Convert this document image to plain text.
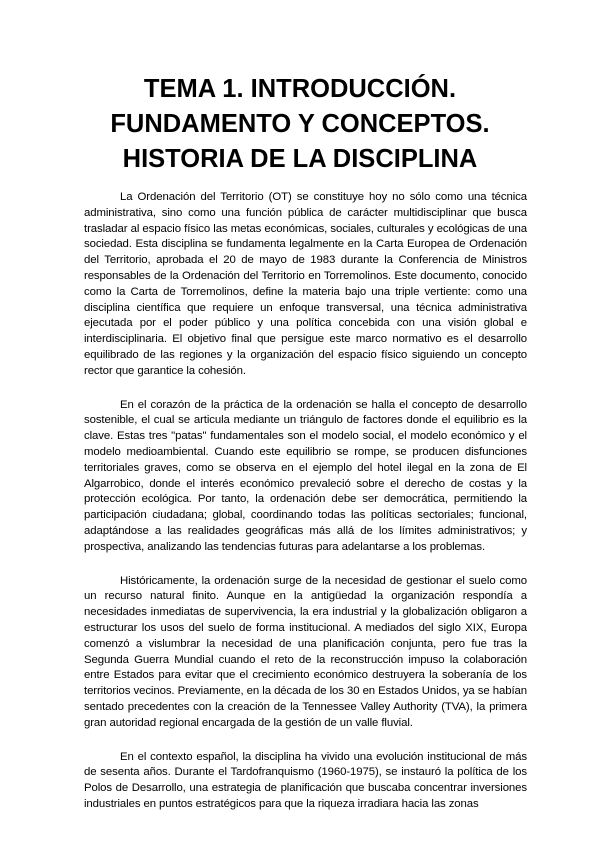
TEMA 1. INTRODUCCIÓN.
FUNDAMENTO Y CONCEPTOS.
HISTORIA DE LA DISCIPLINA

La Ordenación del Territorio (OT) se constituye hoy no sólo como una técnica administrativa, sino como una función pública de carácter multidisciplinar que busca trasladar al espacio físico las metas económicas, sociales, culturales y ecológicas de una sociedad. Esta disciplina se fundamenta legalmente en la Carta Europea de Ordenación del Territorio, aprobada el 20 de mayo de 1983 durante la Conferencia de Ministros responsables de la Ordenación del Territorio en Torremolinos. Este documento, conocido como la Carta de Torremolinos, define la materia bajo una triple vertiente: como una disciplina científica que requiere un enfoque transversal, una técnica administrativa ejecutada por el poder público y una política concebida con una visión global e interdisciplinaria. El objetivo final que persigue este marco normativo es el desarrollo equilibrado de las regiones y la organización del espacio físico siguiendo un concepto rector que garantice la cohesión.

En el corazón de la práctica de la ordenación se halla el concepto de desarrollo sostenible, el cual se articula mediante un triángulo de factores donde el equilibrio es la clave. Estas tres "patas" fundamentales son el modelo social, el modelo económico y el modelo medioambiental. Cuando este equilibrio se rompe, se producen disfunciones territoriales graves, como se observa en el ejemplo del hotel ilegal en la zona de El Algarrobico, donde el interés económico prevaleció sobre el derecho de costas y la protección ecológica. Por tanto, la ordenación debe ser democrática, permitiendo la participación ciudadana; global, coordinando todas las políticas sectoriales; funcional, adaptándose a las realidades geográficas más allá de los límites administrativos; y prospectiva, analizando las tendencias futuras para adelantarse a los problemas.

Históricamente, la ordenación surge de la necesidad de gestionar el suelo como un recurso natural finito. Aunque en la antigüedad la organización respondía a necesidades inmediatas de supervivencia, la era industrial y la globalización obligaron a estructurar los usos del suelo de forma institucional. A mediados del siglo XIX, Europa comenzó a vislumbrar la necesidad de una planificación conjunta, pero fue tras la Segunda Guerra Mundial cuando el reto de la reconstrucción impuso la colaboración entre Estados para evitar que el crecimiento económico destruyera la soberanía de los territorios vecinos. Previamente, en la década de los 30 en Estados Unidos, ya se habían sentado precedentes con la creación de la Tennessee Valley Authority (TVA), la primera gran autoridad regional encargada de la gestión de un valle fluvial.

En el contexto español, la disciplina ha vivido una evolución institucional de más de sesenta años. Durante el Tardofranquismo (1960-1975), se instauró la política de los Polos de Desarrollo, una estrategia de planificación que buscaba concentrar inversiones industriales en puntos estratégicos para que la riqueza irradiara hacia las zonas
